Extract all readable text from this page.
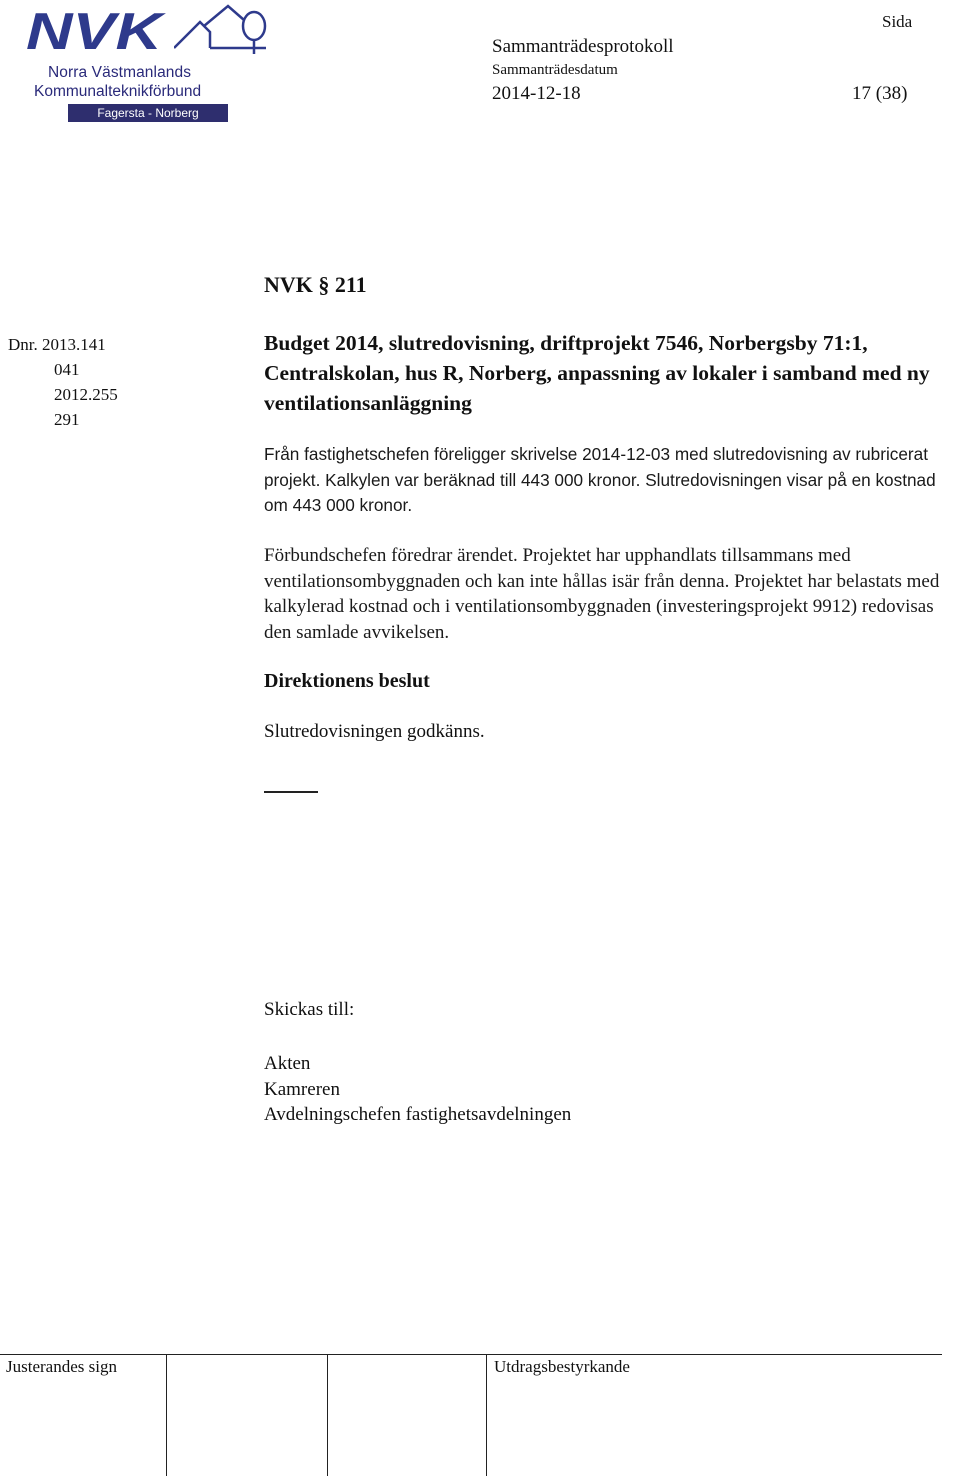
NVK
Norra Västmanlands
Kommunalteknikförbund
Fagersta - Norberg
Sida
Sammanträdesprotokoll
Sammanträdesdatum
2014-12-18	17 (38)
Dnr. 2013.141
041
2012.255
291
NVK § 211
Budget 2014, slutredovisning, driftprojekt 7546, Norbergsby 71:1, Centralskolan, hus R, Norberg, anpassning av lokaler i samband med ny ventilationsanläggning
Från fastighetschefen föreligger skrivelse 2014-12-03 med slutredovisning av rubricerat projekt. Kalkylen var beräknad till 443 000 kronor. Slutredovisningen visar på en kostnad om 443 000 kronor.
Förbundschefen föredrar ärendet. Projektet har upphandlats tillsammans med ventilationsombyggnaden och kan inte hållas isär från denna. Projektet har belastats med kalkylerad kostnad och i ventilationsombyggnaden (investeringsprojekt 9912) redovisas den samlade avvikelsen.
Direktionens beslut
Slutredovisningen godkänns.
Skickas till:
Akten
Kamreren
Avdelningschefen fastighetsavdelningen
Justerandes sign	Utdragsbestyrkande
